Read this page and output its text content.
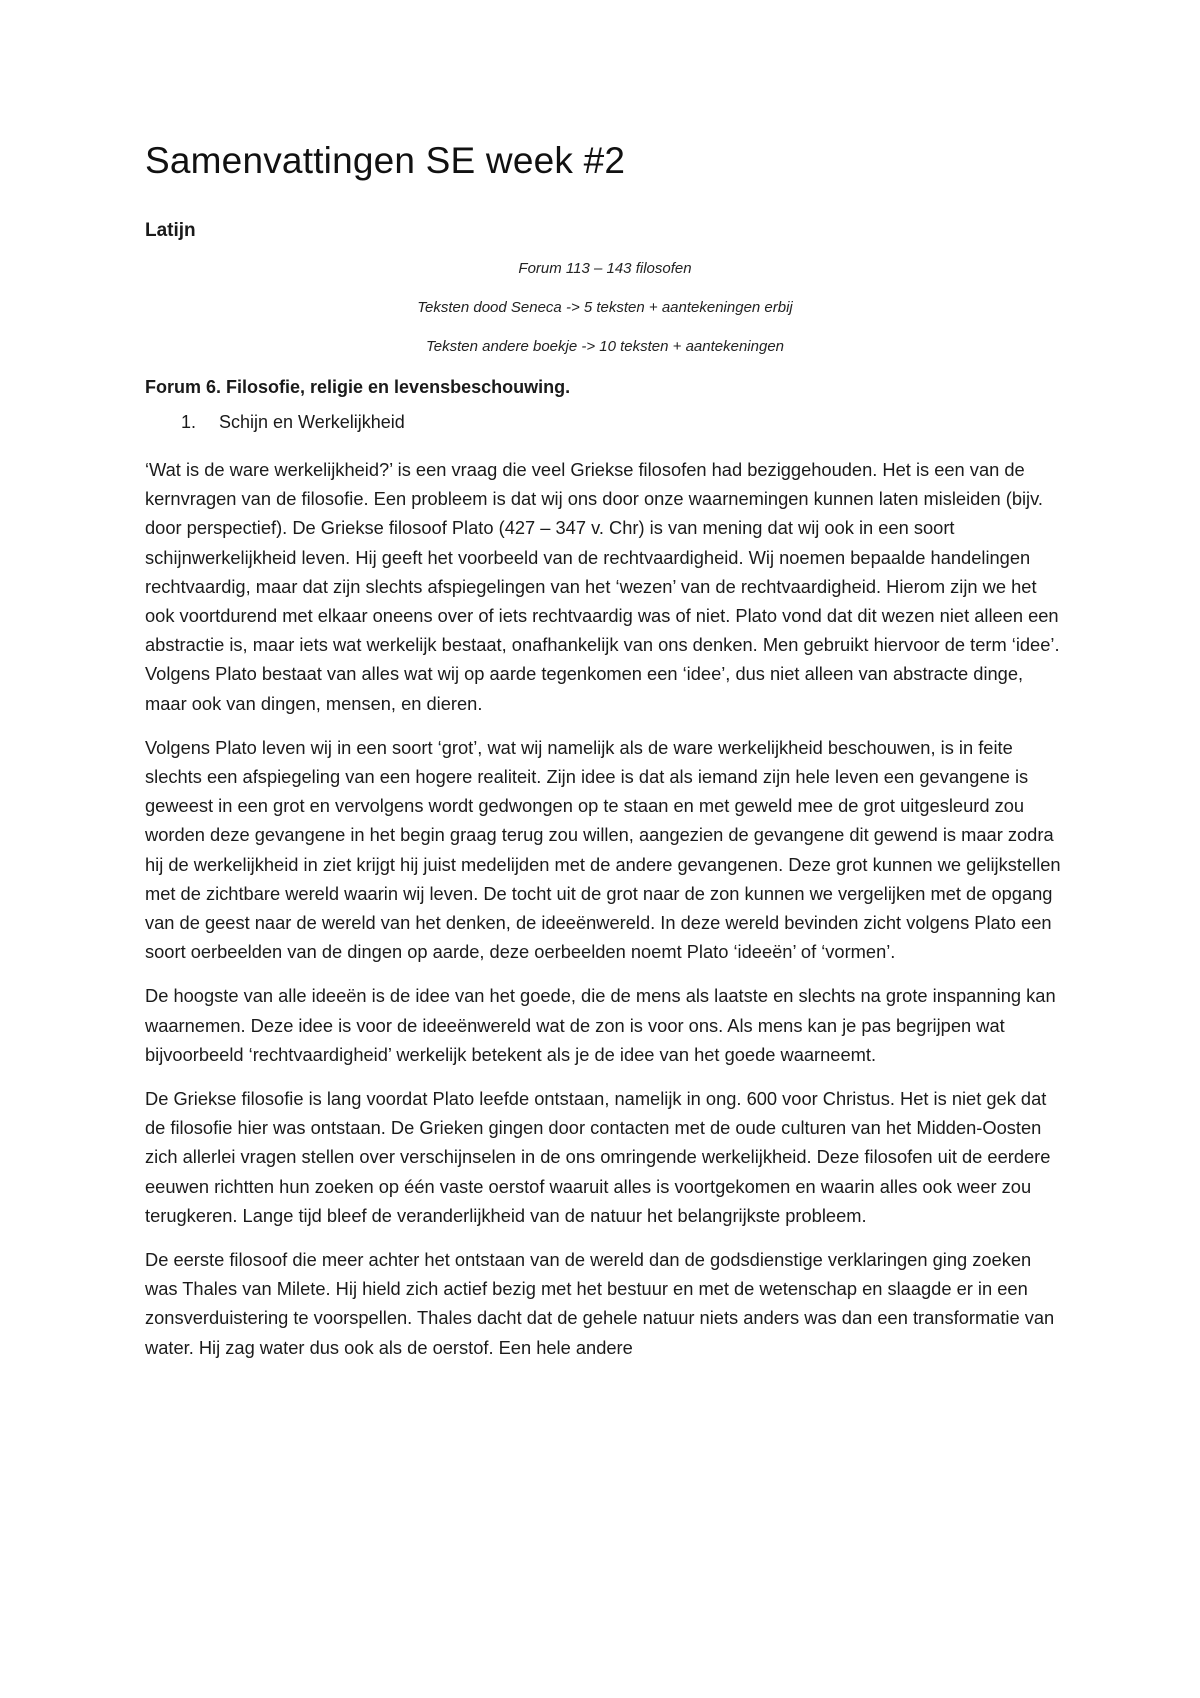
Samenvattingen SE week #2
Latijn

Forum 113 – 143 filosofen

Teksten dood Seneca -> 5 teksten + aantekeningen erbij

Teksten andere boekje -> 10 teksten + aantekeningen

Forum 6. Filosofie, religie en levensbeschouwing.
1.	Schijn en Werkelijkheid

‘Wat is de ware werkelijkheid?’ is een vraag die veel Griekse filosofen had beziggehouden. Het is een van de kernvragen van de filosofie. Een probleem is dat wij ons door onze waarnemingen kunnen laten misleiden (bijv. door perspectief). De Griekse filosoof Plato (427 – 347 v. Chr) is van mening dat wij ook in een soort schijnwerkelijkheid leven. Hij geeft het voorbeeld van de rechtvaardigheid. Wij noemen bepaalde handelingen rechtvaardig, maar dat zijn slechts afspiegelingen van het ‘wezen’ van de rechtvaardigheid. Hierom zijn we het ook voortdurend met elkaar oneens over of iets rechtvaardig was of niet. Plato vond dat dit wezen niet alleen een abstractie is, maar iets wat werkelijk bestaat, onafhankelijk van ons denken. Men gebruikt hiervoor de term ‘idee’. Volgens Plato bestaat van alles wat wij op aarde tegenkomen een ‘idee’, dus niet alleen van abstracte dinge, maar ook van dingen, mensen, en dieren.

Volgens Plato leven wij in een soort ‘grot’, wat wij namelijk als de ware werkelijkheid beschouwen, is in feite slechts een afspiegeling van een hogere realiteit. Zijn idee is dat als iemand zijn hele leven een gevangene is geweest in een grot en vervolgens wordt gedwongen op te staan en met geweld mee de grot uitgesleurd zou worden deze gevangene in het begin graag terug zou willen, aangezien de gevangene dit gewend is maar zodra hij de werkelijkheid in ziet krijgt hij juist medelijden met de andere gevangenen. Deze grot kunnen we gelijkstellen met de zichtbare wereld waarin wij leven. De tocht uit de grot naar de zon kunnen we vergelijken met de opgang van de geest naar de wereld van het denken, de ideeënwereld. In deze wereld bevinden zicht volgens Plato een soort oerbeelden van de dingen op aarde, deze oerbeelden noemt Plato ‘ideeën’ of ‘vormen’.

De hoogste van alle ideeën is de idee van het goede, die de mens als laatste en slechts na grote inspanning kan waarnemen. Deze idee is voor de ideeënwereld wat de zon is voor ons. Als mens kan je pas begrijpen wat bijvoorbeeld ‘rechtvaardigheid’ werkelijk betekent als je de idee van het goede waarneemt.

De Griekse filosofie is lang voordat Plato leefde ontstaan, namelijk in ong. 600 voor Christus. Het is niet gek dat de filosofie hier was ontstaan. De Grieken gingen door contacten met de oude culturen van het Midden-Oosten zich allerlei vragen stellen over verschijnselen in de ons omringende werkelijkheid. Deze filosofen uit de eerdere eeuwen richtten hun zoeken op één vaste oerstof waaruit alles is voortgekomen en waarin alles ook weer zou terugkeren. Lange tijd bleef de veranderlijkheid van de natuur het belangrijkste probleem.

De eerste filosoof die meer achter het ontstaan van de wereld dan de godsdienstige verklaringen ging zoeken was Thales van Milete. Hij hield zich actief bezig met het bestuur en met de wetenschap en slaagde er in een zonsverduistering te voorspellen. Thales dacht dat de gehele natuur niets anders was dan een transformatie van water. Hij zag water dus ook als de oerstof. Een hele andere
